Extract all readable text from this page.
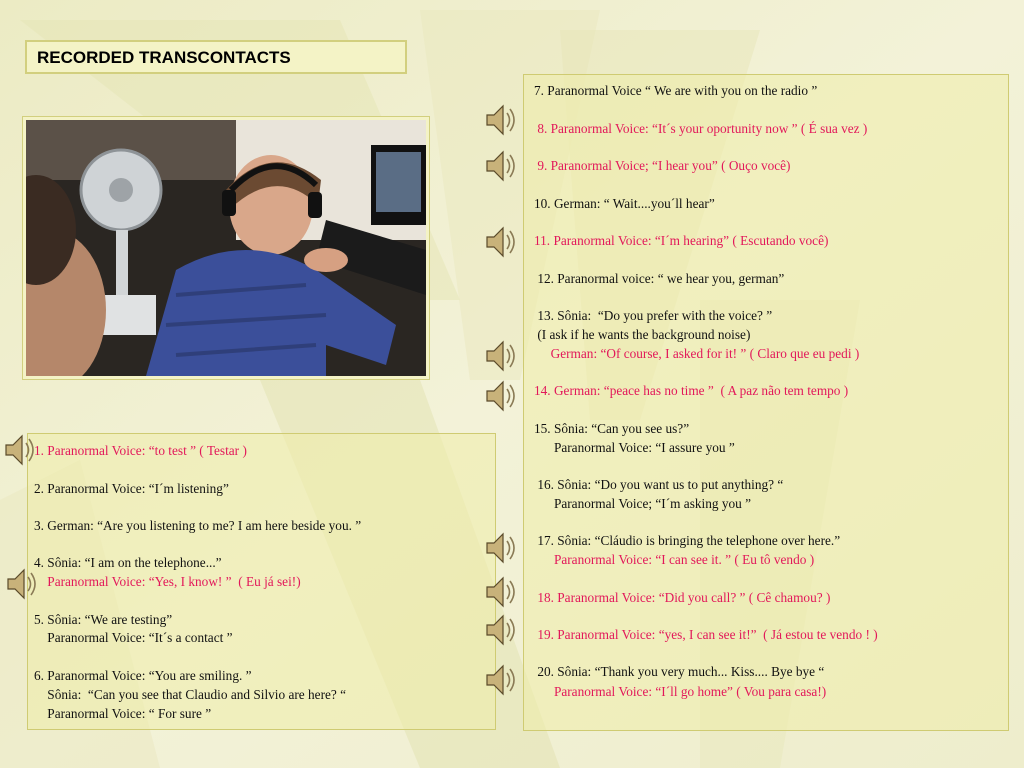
RECORDED TRANSCONTACTS
1. Paranormal Voice: “to test ” ( Testar )
2. Paranormal Voice: “I´m listening”
3. German: “Are you listening to me? I am here beside you. ”
4. Sônia: “I am on the telephone...”
Paranormal Voice: “Yes, I know! ”  ( Eu já sei!)
5. Sônia: “We are testing”
Paranormal Voice: “It´s a contact ”
6. Paranormal Voice: “You are smiling. ”
Sônia:  “Can you see that Claudio and Silvio are here? “
Paranormal Voice: “ For sure ”
7. Paranormal Voice “ We are with you on the radio ”
8. Paranormal Voice: “It´s your oportunity now ” ( É sua vez )
9. Paranormal Voice; “I hear you” ( Ouço você)
10. German: “ Wait....you´ll hear”
11. Paranormal Voice: “I´m hearing” ( Escutando você)
12. Paranormal voice: “ we hear you, german”
13. Sônia:  “Do you prefer with the voice? ”
(I ask if he wants the background noise)
German: “Of course, I asked for it! ” ( Claro que eu pedi )
14. German: “peace has no time ”  ( A paz não tem tempo )
15. Sônia: “Can you see us?”
Paranormal Voice: “I assure you ”
16. Sônia: “Do you want us to put anything? “
Paranormal Voice; “I´m asking you ”
17. Sônia: “Cláudio is bringing the telephone over here.”
Paranormal Voice: “I can see it. ” ( Eu tô vendo )
18. Paranormal Voice: “Did you call? ” ( Cê chamou? )
19. Paranormal Voice: “yes, I can see it!”  ( Já estou te vendo ! )
20. Sônia: “Thank you very much... Kiss.... Bye bye “
Paranormal Voice: “I´ll go home” ( Vou para casa!)
